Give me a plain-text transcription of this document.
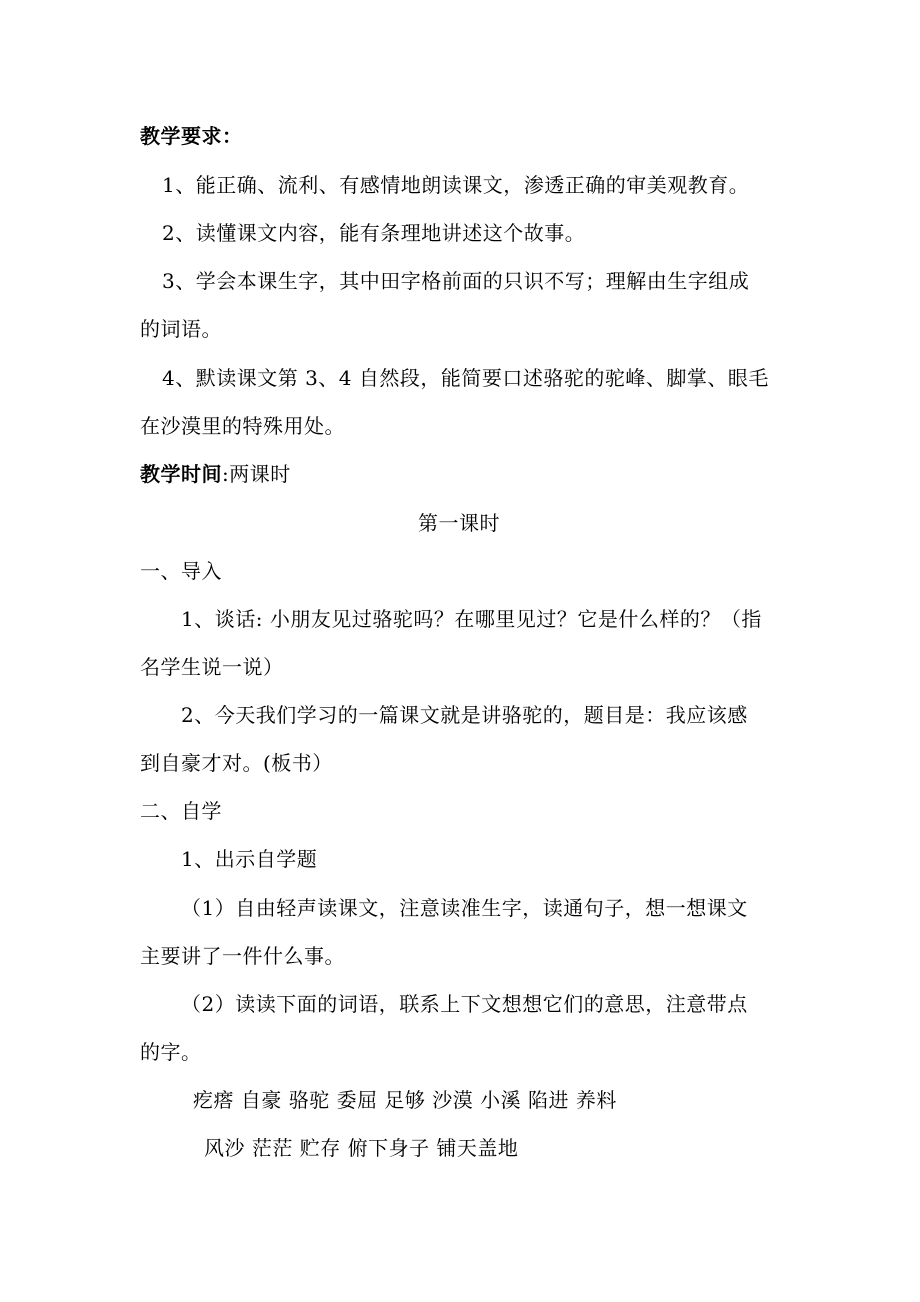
教学要求：
1、能正确、流利、有感情地朗读课文，渗透正确的审美观教育。
2、读懂课文内容，能有条理地讲述这个故事。
3、学会本课生字，其中田字格前面的只识不写；理解由生字组成
的词语。
4、默读课文第 3、4 自然段，能简要口述骆驼的驼峰、脚掌、眼毛
在沙漠里的特殊用处。
教学时间:两课时
第一课时
一、导入
1、谈话: 小朋友见过骆驼吗？在哪里见过？它是什么样的？（指
名学生说一说）
2、今天我们学习的一篇课文就是讲骆驼的，题目是：我应该感
到自豪才对。(板书）
二、自学
1、出示自学题
（1）自由轻声读课文，注意读准生字，读通句子，想一想课文
主要讲了一件什么事。
（2）读读下面的词语，联系上下文想想它们的意思，注意带点
的字。
疙瘩 自豪 骆驼 委屈 足够 沙漠 小溪 陷进 养料
风沙 茫茫 贮存 俯下身子 铺天盖地
